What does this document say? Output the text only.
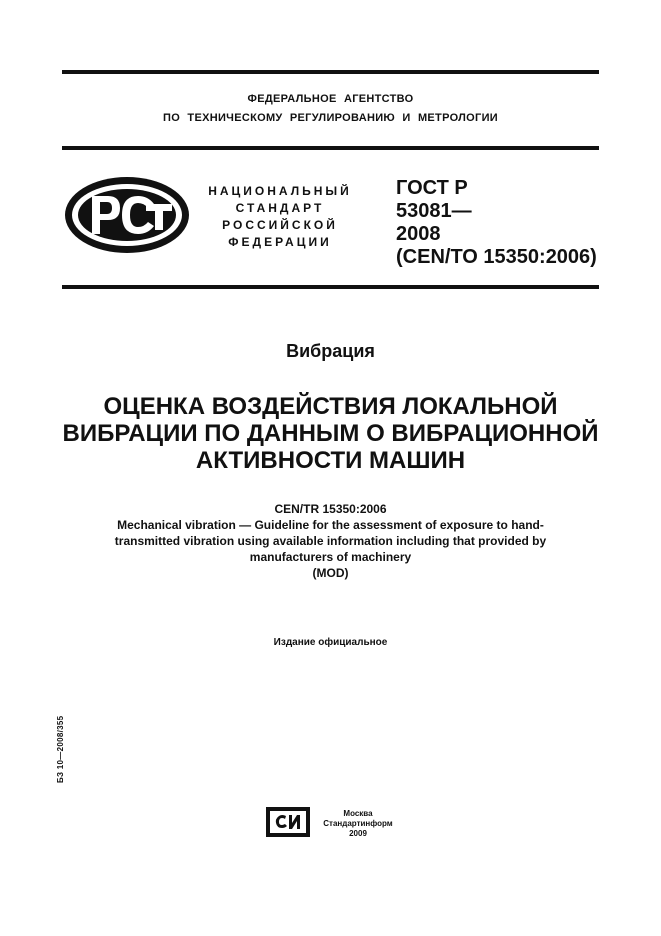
ФЕДЕРАЛЬНОЕ АГЕНТСТВО
ПО ТЕХНИЧЕСКОМУ РЕГУЛИРОВАНИЮ И МЕТРОЛОГИИ
НАЦИОНАЛЬНЫЙ
СТАНДАРТ
РОССИЙСКОЙ
ФЕДЕРАЦИИ
ГОСТ Р
53081—
2008
(CEN/TO 15350:2006)
Вибрация
ОЦЕНКА ВОЗДЕЙСТВИЯ ЛОКАЛЬНОЙ
ВИБРАЦИИ ПО ДАННЫМ О ВИБРАЦИОННОЙ
АКТИВНОСТИ МАШИН
CEN/TR 15350:2006
Mechanical vibration — Guideline for the assessment of exposure to hand-
transmitted vibration using available information including that provided by
manufacturers of machinery
(MOD)
Издание официальное
БЗ 10—2008/355
Москва
Стандартинформ
2009
